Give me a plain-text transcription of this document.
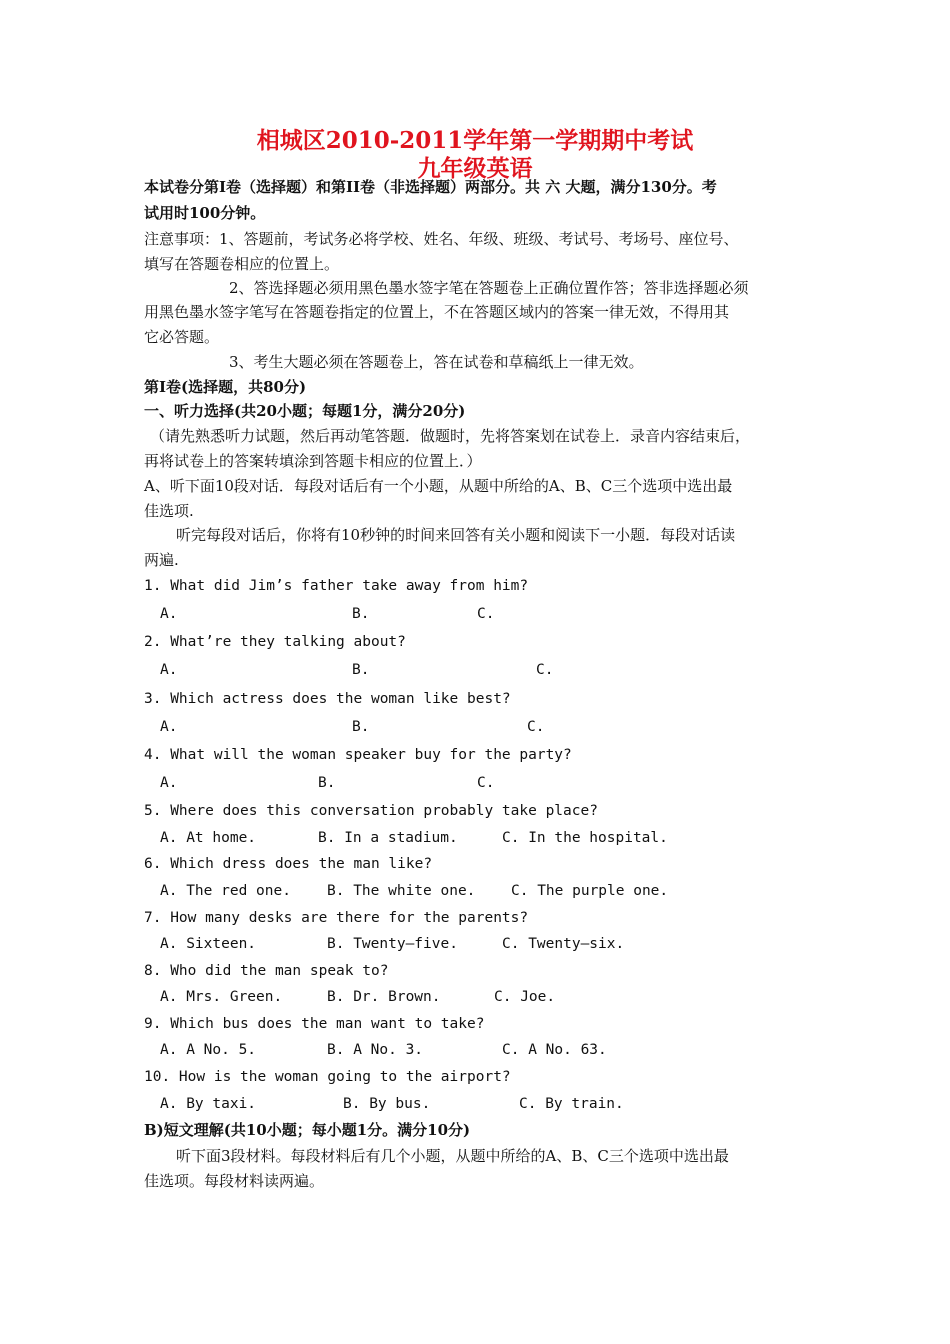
相城区2010-2011学年第一学期期中考试
九年级英语
本试卷分第Ⅰ卷（选择题）和第II卷（非选择题）两部分。共 六 大题，满分130分。考
试用时100分钟。
注意事项：1、答题前，考试务必将学校、姓名、年级、班级、考试号、考场号、座位号、
填写在答题卷相应的位置上。
2、答选择题必须用黑色墨水签字笔在答题卷上正确位置作答；答非选择题必须
用黑色墨水签字笔写在答题卷指定的位置上，不在答题区域内的答案一律无效，不得用其
它必答题。
3、考生大题必须在答题卷上，答在试卷和草稿纸上一律无效。
第Ⅰ卷(选择题，共80分)
一、听力选择(共20小题；每题1分，满分20分)
（请先熟悉听力试题，然后再动笔答题．做题时，先将答案划在试卷上．录音内容结束后，
再将试卷上的答案转填涂到答题卡相应的位置上．）
A、听下面10段对话．每段对话后有一个小题，从题中所给的A、B、C三个选项中选出最
佳选项.
听完每段对话后，你将有10秒钟的时间来回答有关小题和阅读下一小题．每段对话读
两遍.
1. What did Jim’s father take away from him?
A.	B.	C.
2. What’re they talking about?
A.	B.	C.
3. Which actress does the woman like best?
A.	B.	C.
4. What will the woman speaker buy for the party?
A.	B.	C.
5. Where does this conversation probably take place?
A. At home.	B. In a stadium.	C. In the hospital.
6. Which dress does the man like?
A. The red one. B. The white one. C. The purple one.
7. How many desks are there for the parents?
A. Sixteen.	B. Twenty—five.	C. Twenty—six.
8. Who did the man speak to?
A. Mrs. Green.	B. Dr. Brown.	C. Joe.
9. Which bus does the man want to take?
A. A No. 5.	B. A No. 3.	C. A No. 63.
10. How is the woman going to the airport?
A. By taxi.	B. By bus.	C. By train.
B)短文理解(共10小题；每小题1分。满分10分)
听下面3段材料。每段材料后有几个小题，从题中所给的A、B、C三个选项中选出最
佳选项。每段材料读两遍。
